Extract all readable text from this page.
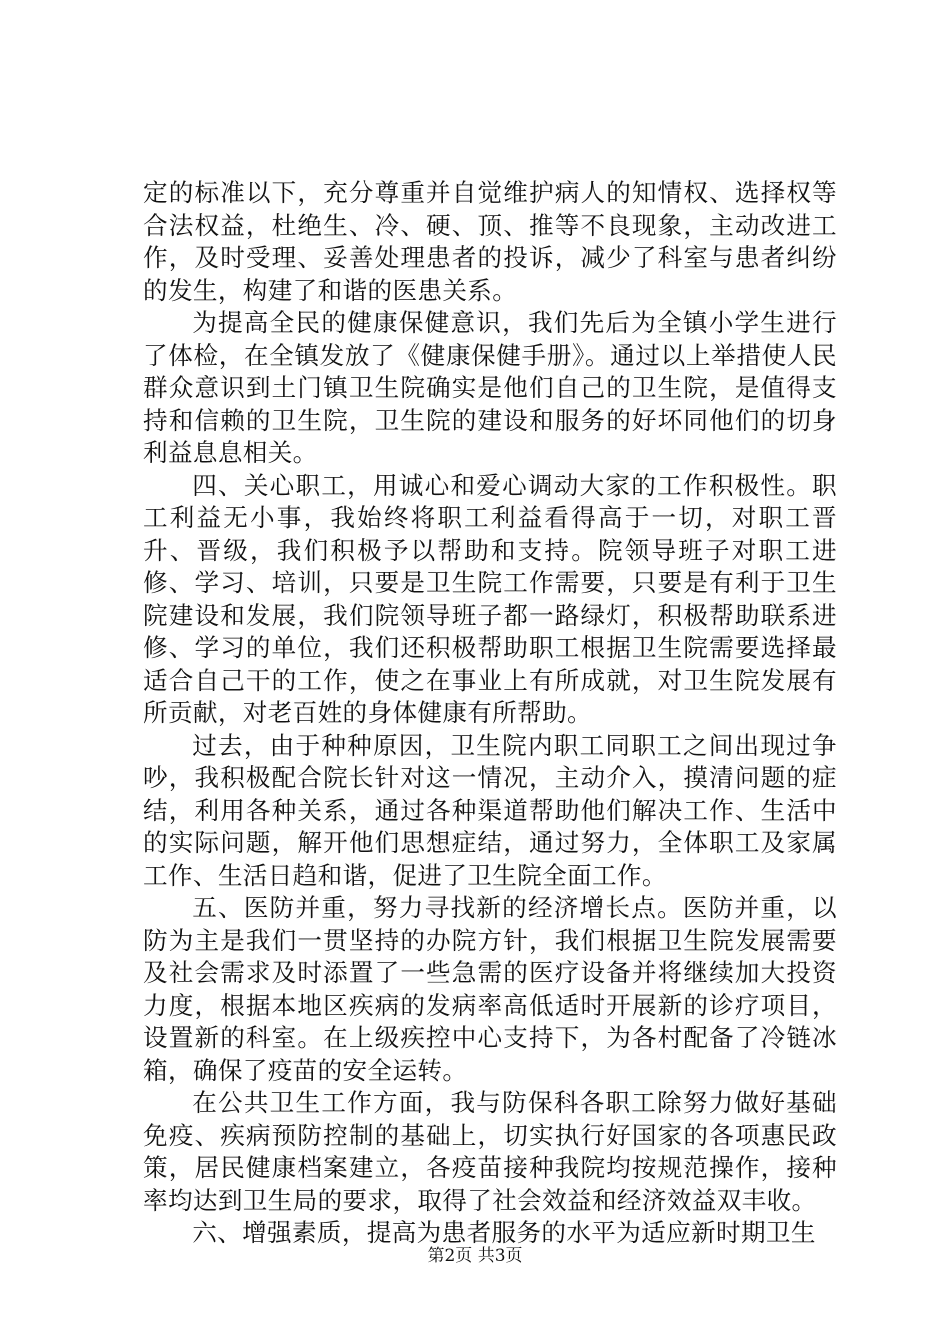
定的标准以下，充分尊重并自觉维护病人的知情权、选择权等合法权益，杜绝生、冷、硬、顶、推等不良现象，主动改进工作，及时受理、妥善处理患者的投诉，减少了科室与患者纠纷的发生，构建了和谐的医患关系。

为提高全民的健康保健意识，我们先后为全镇小学生进行了体检，在全镇发放了《健康保健手册》。通过以上举措使人民群众意识到土门镇卫生院确实是他们自己的卫生院，是值得支持和信赖的卫生院，卫生院的建设和服务的好坏同他们的切身利益息息相关。

四、关心职工，用诚心和爱心调动大家的工作积极性。职工利益无小事，我始终将职工利益看得高于一切，对职工晋升、晋级，我们积极予以帮助和支持。院领导班子对职工进修、学习、培训，只要是卫生院工作需要，只要是有利于卫生院建设和发展，我们院领导班子都一路绿灯，积极帮助联系进修、学习的单位，我们还积极帮助职工根据卫生院需要选择最适合自己干的工作，使之在事业上有所成就，对卫生院发展有所贡献，对老百姓的身体健康有所帮助。

过去，由于种种原因，卫生院内职工同职工之间出现过争吵，我积极配合院长针对这一情况，主动介入，摸清问题的症结，利用各种关系，通过各种渠道帮助他们解决工作、生活中的实际问题，解开他们思想症结，通过努力，全体职工及家属工作、生活日趋和谐，促进了卫生院全面工作。

五、医防并重，努力寻找新的经济增长点。医防并重，以防为主是我们一贯坚持的办院方针，我们根据卫生院发展需要及社会需求及时添置了一些急需的医疗设备并将继续加大投资力度，根据本地区疾病的发病率高低适时开展新的诊疗项目，设置新的科室。在上级疾控中心支持下，为各村配备了冷链冰箱，确保了疫苗的安全运转。

在公共卫生工作方面，我与防保科各职工除努力做好基础免疫、疾病预防控制的基础上，切实执行好国家的各项惠民政策，居民健康档案建立，各疫苗接种我院均按规范操作，接种率均达到卫生局的要求，取得了社会效益和经济效益双丰收。

六、增强素质，提高为患者服务的水平为适应新时期卫生

第2页 共3页
